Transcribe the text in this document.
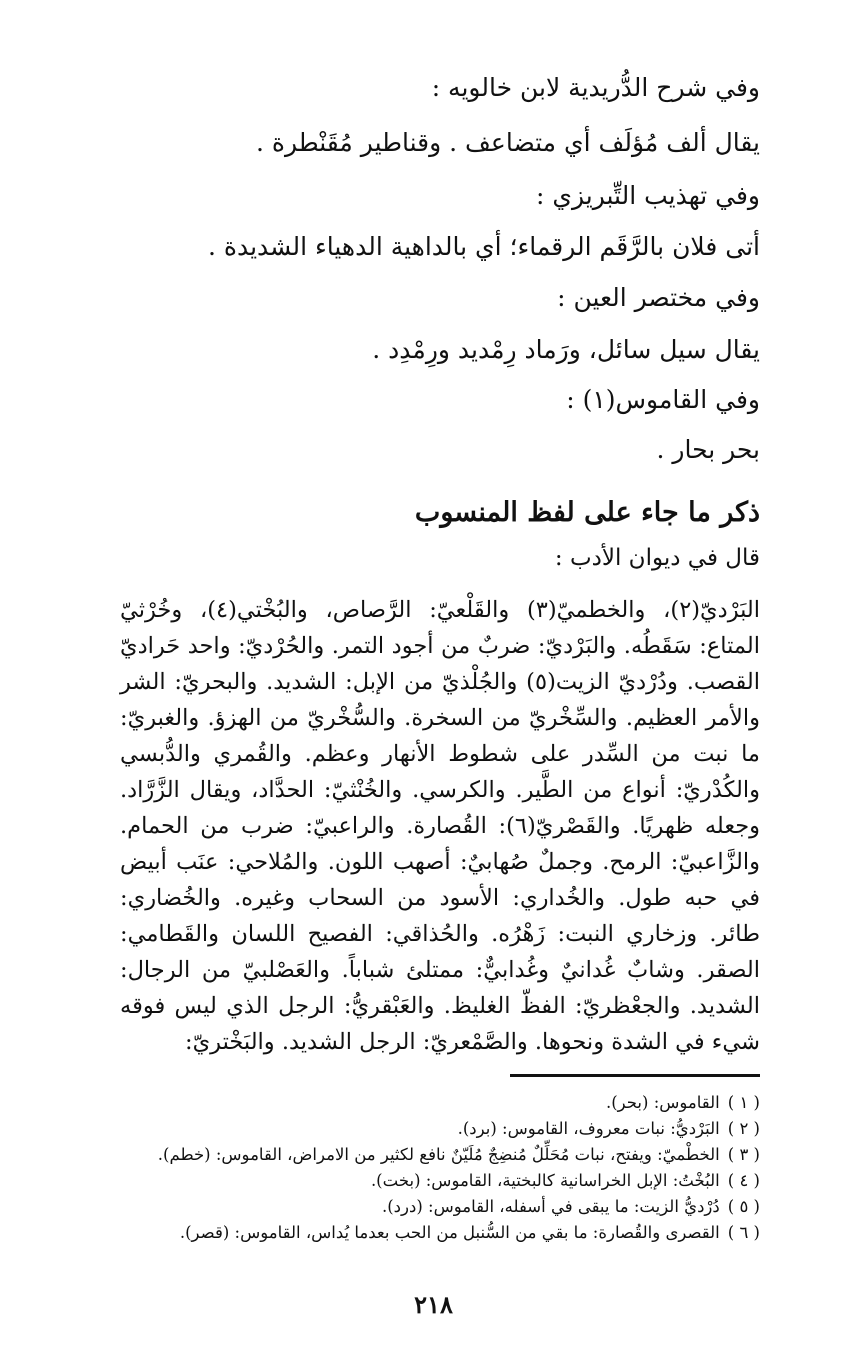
وفي شرح الدُّريدية لابن خالويه :
يقال ألف مُؤلَف أي متضاعف . وقناطير مُقَنْطرة .
وفي تهذيب التِّبريزي :
أتى فلان بالرَّقَم الرقماء؛ أي بالداهية الدهياء الشديدة .
وفي مختصر العين :
يقال سيل سائل، ورَماد رِمْديد ورِمْدِد .
وفي القاموس(١) :
بحر بحار .
ذكر ما جاء على لفظ المنسوب
قال في ديوان الأدب :
البَرْديّ(٢)، والخطميّ(٣) والقَلْعيّ: الرَّصاص، والبُخْتي(٤)، وخُرْثيّ المتاع: سَقَطُه. والبَرْديّ: ضربٌ من أجود التمر. والحُرْديّ: واحد حَراديّ القصب. ودُرْديّ الزيت(٥) والجُلْذيّ من الإبل: الشديد. والبحريّ: الشر والأمر العظيم. والسِّخْريّ من السخرة. والسُّخْريّ من الهزؤ. والغبريّ: ما نبت من السِّدر على شطوط الأنهار وعظم. والقُمري والدُّبسي والكُدْريّ: أنواع من الطَّير. والكرسي. والخُنْثيّ: الحدَّاد، ويقال الزَّرَّاد. وجعله ظهريًا. والقَصْريّ(٦): القُصارة. والراعبيّ: ضرب من الحمام. والزَّاعبيّ: الرمح. وجملٌ صُهابيٌ: أصهب اللون. والمُلاحي: عنَب أبيض في حبه طول. والخُداري: الأسود من السحاب وغيره. والخُضاري: طائر. وزخاري النبت: زَهْرُه. والحُذاقي: الفصيح اللسان والقَطامي: الصقر. وشابٌ غُدانيٌ وغُدابيٌّ: ممتلئ شباباً. والعَصْلبيّ من الرجال: الشديد. والجعْظريّ: الفظّ الغليظ. والعَبْقريُّ: الرجل الذي ليس فوقه شيء في الشدة ونحوها. والصَّمْعريّ: الرجل الشديد. والبَخْتريّ:
( ١ )القاموس: (بحر).
( ٢ )البَرْديُّ: نبات معروف، القاموس: (برد).
( ٣ )الخطْميّ: ويفتح، نبات مُحَلِّلٌ مُنضِجٌ مُلَيّنٌ نافع لكثير من الامراض، القاموس: (خطم).
( ٤ )البُخْتُ: الإبل الخراسانية كالبختية، القاموس: (بخت).
( ٥ )دُرْديُّ الزيت: ما يبقى في أسفله، القاموس: (درد).
( ٦ )القصرى والقُصارة: ما بقي من السُّنبل من الحب بعدما يُداس، القاموس: (قصر).
٢١٨
